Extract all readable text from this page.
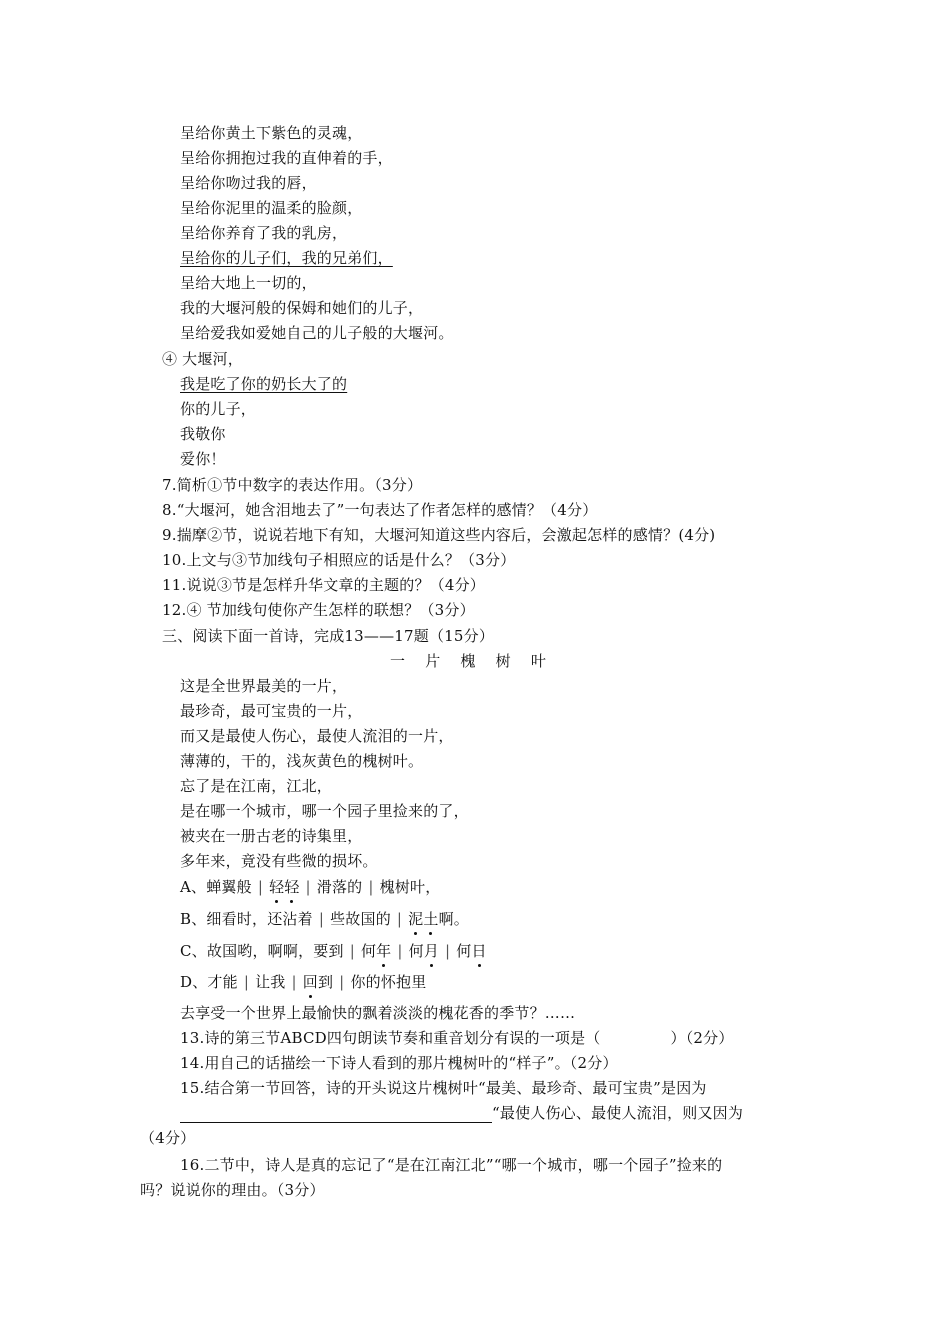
呈给你黄土下紫色的灵魂，
呈给你拥抱过我的直伸着的手，
呈给你吻过我的唇，
呈给你泥里的温柔的脸颜，
呈给你养育了我的乳房，
呈给你的儿子们，我的兄弟们，
呈给大地上一切的，
我的大堰河般的保姆和她们的儿子，
呈给爱我如爱她自己的儿子般的大堰河。
④ 大堰河，
我是吃了你的奶长大了的
你的儿子，
我敬你
爱你！
7.简析①节中数字的表达作用。（3分）
8.“大堰河，她含泪地去了”一句表达了作者怎样的感情？（4分）
9.揣摩②节，说说若地下有知，大堰河知道这些内容后，会激起怎样的感情？(4分)
10.上文与③节加线句子相照应的话是什么？（3分）
11.说说③节是怎样升华文章的主题的？（4分）
12.④ 节加线句使你产生怎样的联想？（3分）
三、阅读下面一首诗，完成13——17题（15分）
一 片 槐 树 叶
这是全世界最美的一片，
最珍奇，最可宝贵的一片，
而又是最使人伤心，最使人流泪的一片，
薄薄的，干的，浅灰黄色的槐树叶。
忘了是在江南，江北，
是在哪一个城市，哪一个园子里捡来的了，
被夹在一册古老的诗集里，
多年来，竟没有些微的损坏。
A、蝉翼般 | 轻轻 | 滑落的 | 槐树叶，
B、细看时，还沾着 | 些故国的 | 泥土啊。
C、故国哟，啊啊，要到 | 何年 | 何月 | 何日
D、才能 | 让我 | 回到 | 你的怀抱里
去享受一个世界上最愉快的飘着淡淡的槐花香的季节？……
13.诗的第三节ABCD四句朗读节奏和重音划分有误的一项是（	）（2分）
14.用自己的话描绘一下诗人看到的那片槐树叶的“样子”。（2分）
15.结合第一节回答，诗的开头说这片槐树叶“最美、最珍奇、最可宝贵”是因为
“最使人伤心、最使人流泪，则又因为
（4分）
16.二节中，诗人是真的忘记了“是在江南江北”“哪一个城市，哪一个园子”捡来的
吗？说说你的理由。（3分）
